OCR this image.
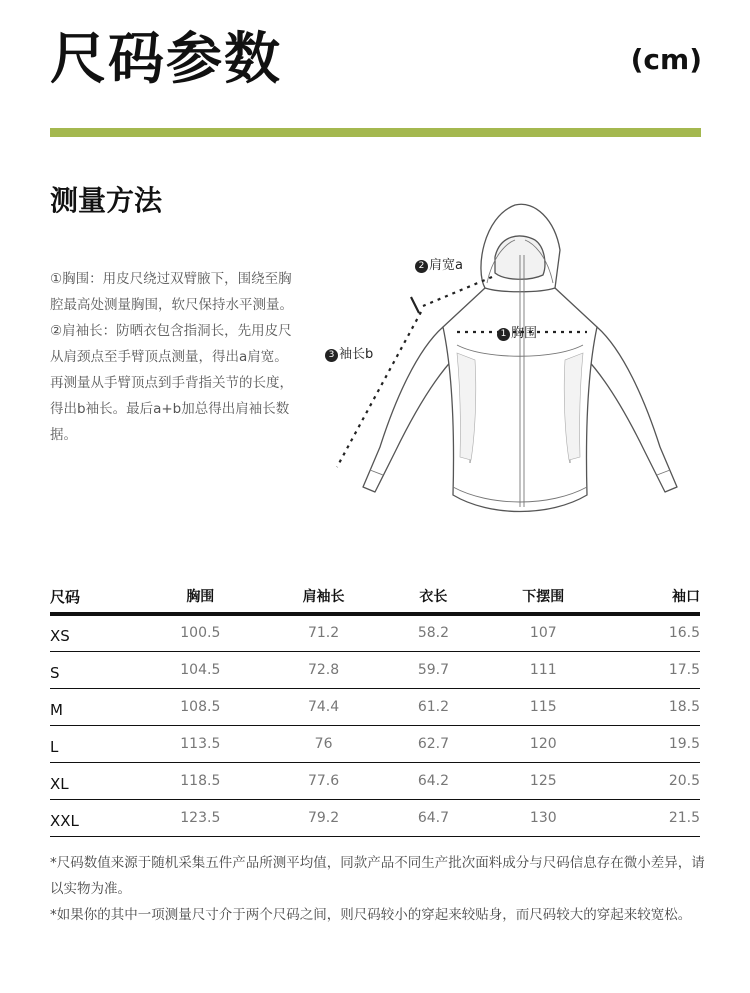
尺码参数	(cm)
测量方法

①胸围：用皮尺绕过双臂腋下，围绕至胸腔最高处测量胸围，软尺保持水平测量。

②肩袖长：防晒衣包含指洞长，先用皮尺从肩颈点至手臂顶点测量，得出a肩宽。再测量从手臂顶点到手背指关节的长度，得出b袖长。最后a+b加总得出肩袖长数据。

2 肩宽a
3 袖长b
1 胸围
尺码	胸围	肩袖长	衣长	下摆围	袖口
XS	100.5	71.2	58.2	107	16.5
S	104.5	72.8	59.7	111	17.5
M	108.5	74.4	61.2	115	18.5
L	113.5	76	62.7	120	19.5
XL	118.5	77.6	64.2	125	20.5
XXL	123.5	79.2	64.7	130	21.5

*尺码数值来源于随机采集五件产品所测平均值，同款产品不同生产批次面料成分与尺码信息存在微小差异，请以实物为准。

*如果你的其中一项测量尺寸介于两个尺码之间，则尺码较小的穿起来较贴身，而尺码较大的穿起来较宽松。
